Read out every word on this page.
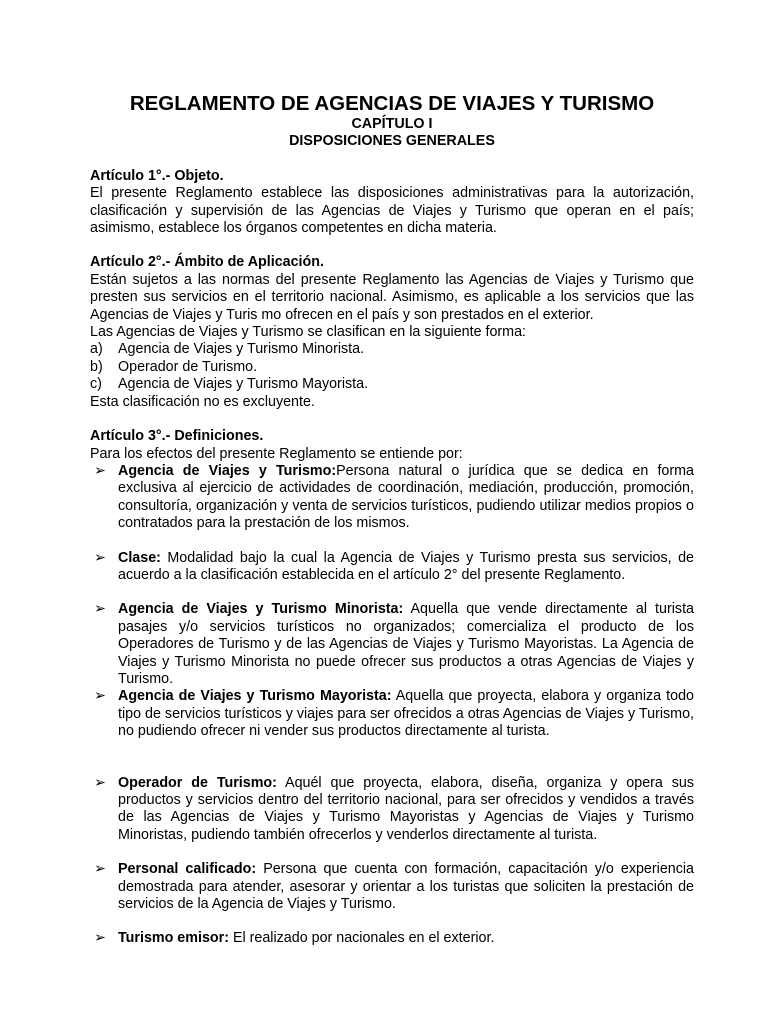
REGLAMENTO DE AGENCIAS DE VIAJES Y TURISMO

CAPÍTULO I

DISPOSICIONES GENERALES

Artículo 1°.- Objeto.

El presente Reglamento establece las disposiciones administrativas para la autorización, clasificación y supervisión de las Agencias de Viajes y Turismo que operan en el país; asimismo, establece los órganos competentes en dicha materia.

Artículo 2°.- Ámbito de Aplicación.

Están sujetos a las normas del presente Reglamento las Agencias de Viajes y Turismo que presten sus servicios en el territorio nacional. Asimismo, es aplicable a los servicios que las Agencias de Viajes y Turis mo ofrecen en el país y son prestados en el exterior.

Las Agencias de Viajes y Turismo se clasifican en la siguiente forma:

a)	Agencia de Viajes y Turismo Minorista.
b)	Operador de Turismo.
c)	Agencia de Viajes y Turismo Mayorista.

Esta clasificación no es excluyente.

Artículo 3°.- Definiciones.

Para los efectos del presente Reglamento se entiende por:

➢ Agencia de Viajes y Turismo:Persona natural o jurídica que se dedica en forma exclusiva al ejercicio de actividades de coordinación, mediación, producción, promoción, consultoría, organización y venta de servicios turísticos, pudiendo utilizar medios propios o contratados para la prestación de los mismos.
➢ Clase: Modalidad bajo la cual la Agencia de Viajes y Turismo presta sus servicios, de acuerdo a la clasificación establecida en el artículo 2° del presente Reglamento.
➢ Agencia de Viajes y Turismo Minorista: Aquella que vende directamente al turista pasajes y/o servicios turísticos no organizados; comercializa el producto de los Operadores de Turismo y de las Agencias de Viajes y Turismo Mayoristas. La Agencia de Viajes y Turismo Minorista no puede ofrecer sus productos a otras Agencias de Viajes y Turismo.
➢ Agencia de Viajes y Turismo Mayorista: Aquella que proyecta, elabora y organiza todo tipo de servicios turísticos y viajes para ser ofrecidos a otras Agencias de Viajes y Turismo, no pudiendo ofrecer ni vender sus productos directamente al turista.
➢ Operador de Turismo: Aquél que proyecta, elabora, diseña, organiza y opera sus productos y servicios dentro del territorio nacional, para ser ofrecidos y vendidos a través de las Agencias de Viajes y Turismo Mayoristas y Agencias de Viajes y Turismo Minoristas, pudiendo también ofrecerlos y venderlos directamente al turista.
➢ Personal calificado: Persona que cuenta con formación, capacitación y/o experiencia demostrada para atender, asesorar y orientar a los turistas que soliciten la prestación de servicios de la Agencia de Viajes y Turismo.
➢ Turismo emisor: El realizado por nacionales en el exterior.
